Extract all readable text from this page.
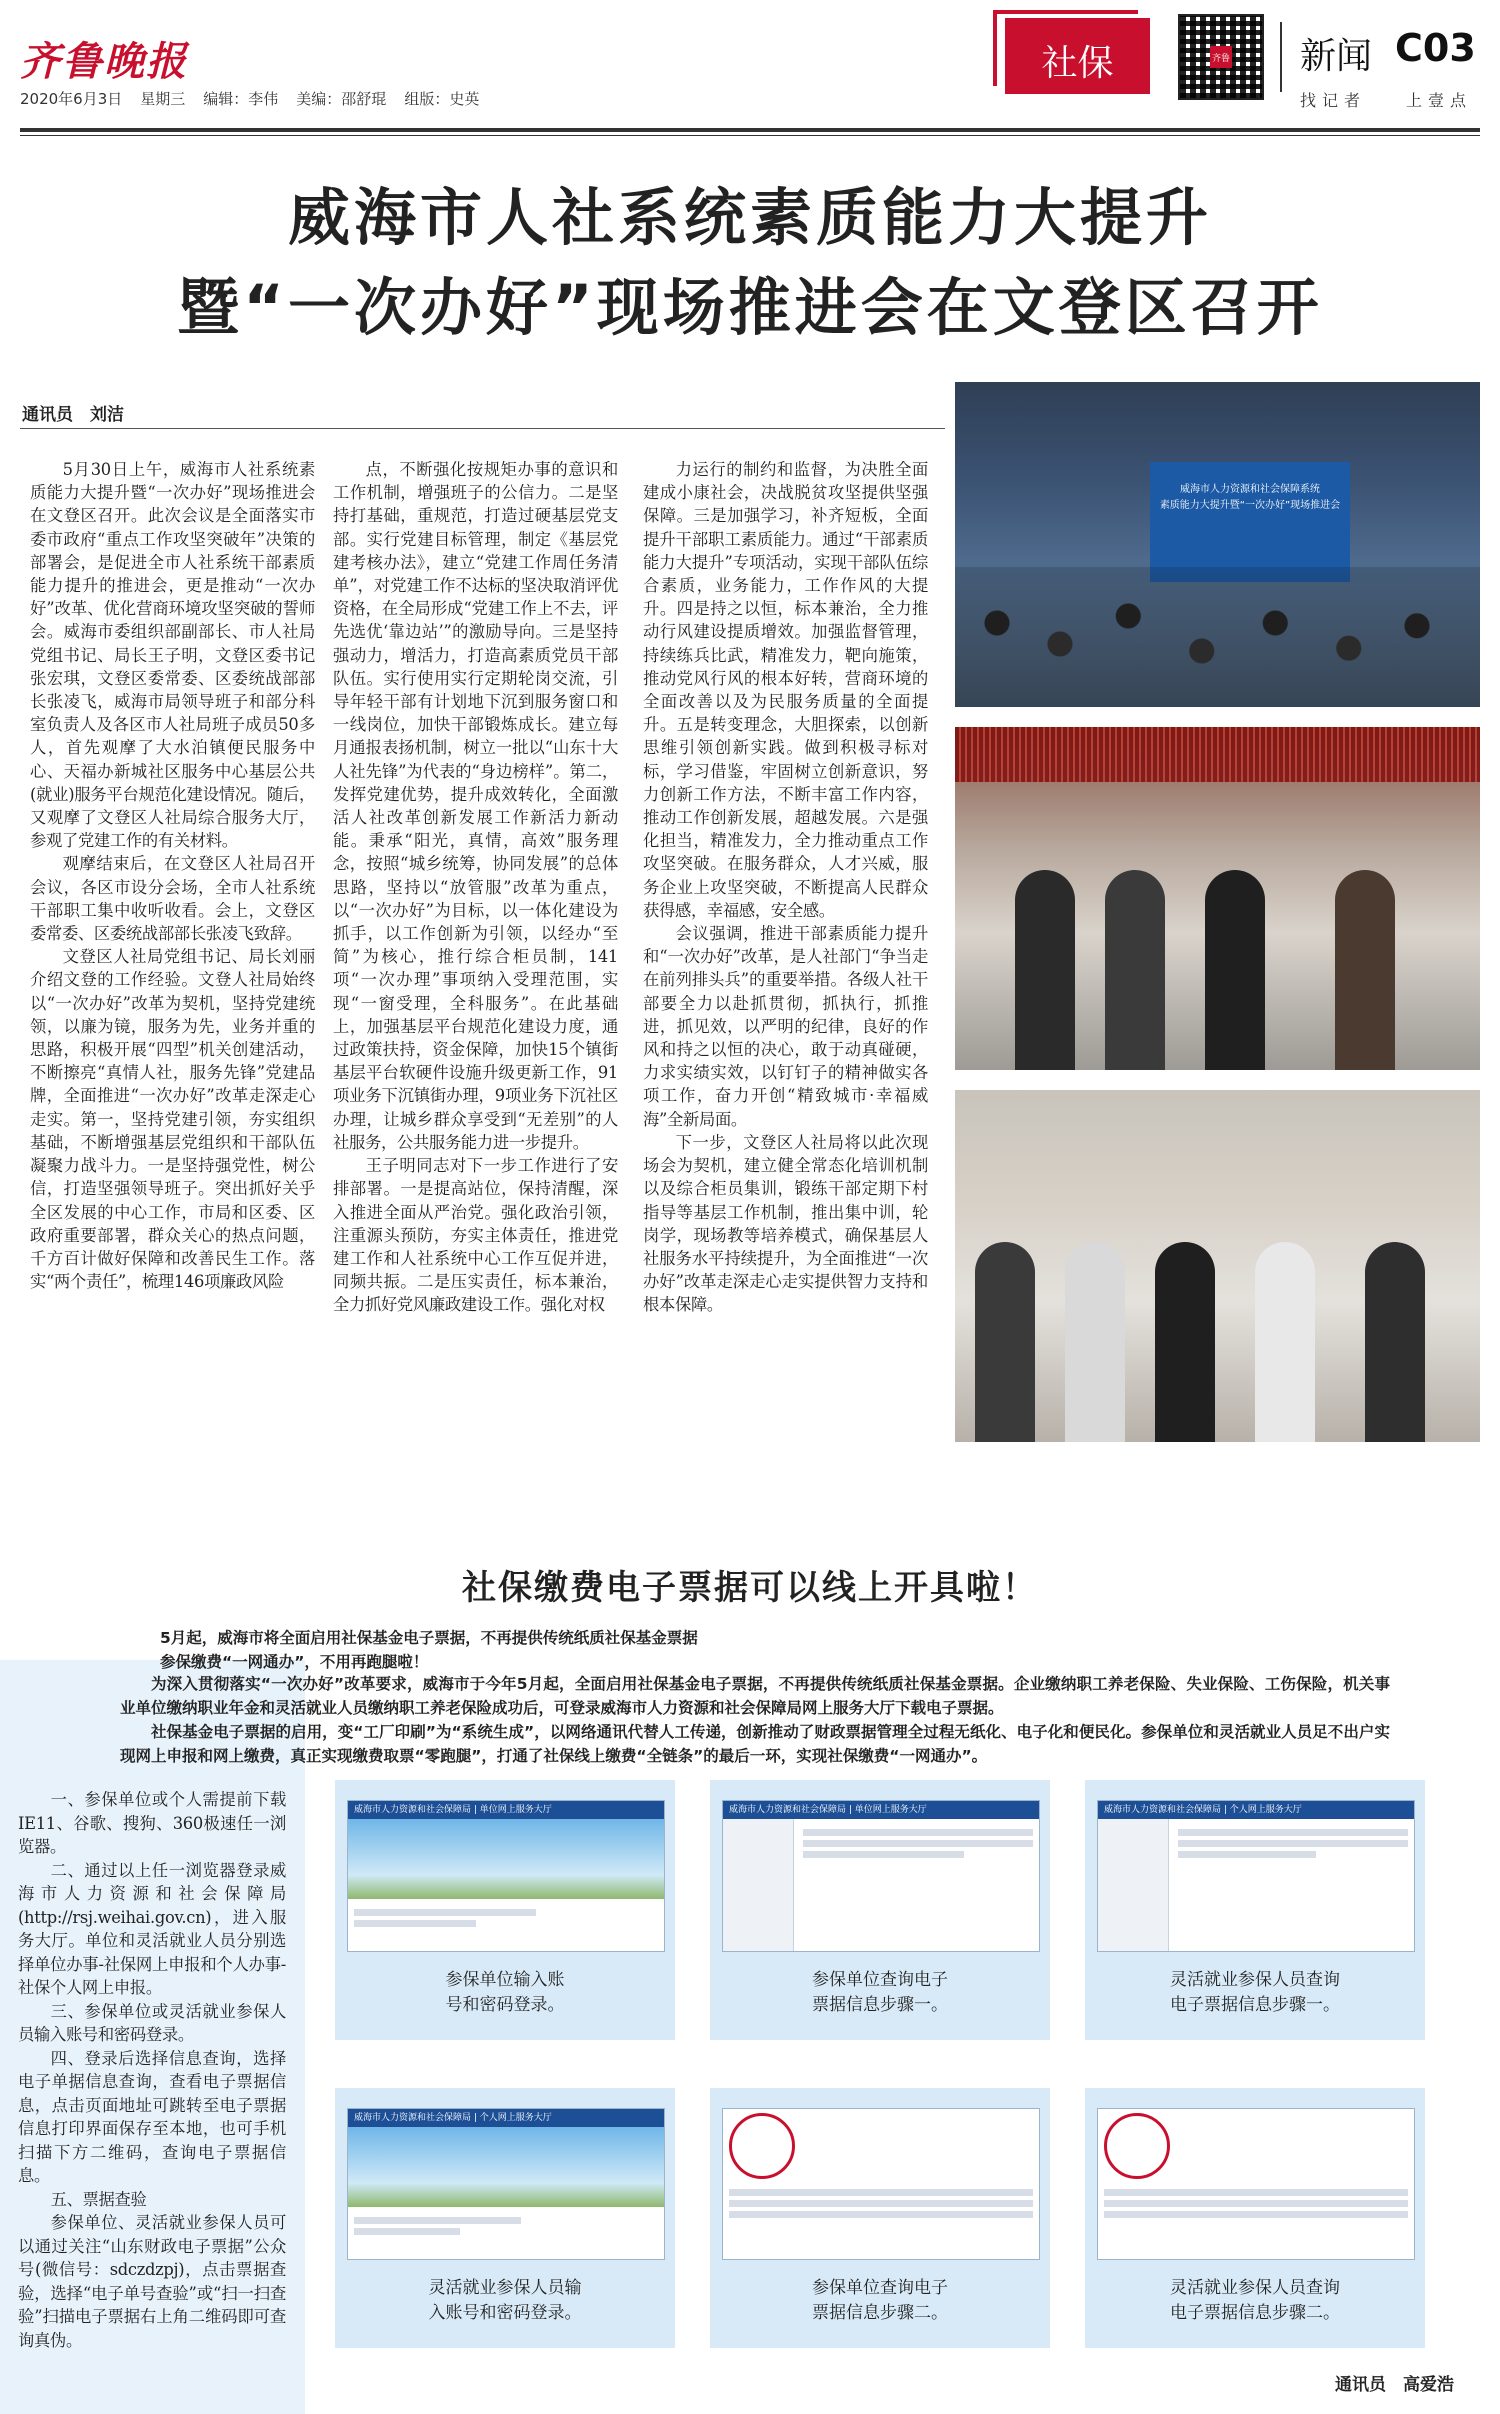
齐鲁晚报
2020年6月3日 星期三 编辑：李伟 美编：邵舒琨 组版：史英
社保	齐鲁 新闻 C03
找记者	上壹点
威海市人社系统素质能力大提升
暨“一次办好”现场推进会在文登区召开
通讯员　刘洁

5月30日上午，威海市人社系统素质能力大提升暨“一次办好”现场推进会在文登区召开。此次会议是全面落实市委市政府“重点工作攻坚突破年”决策的部署会，是促进全市人社系统干部素质能力提升的推进会，更是推动“一次办好”改革、优化营商环境攻坚突破的誓师会。威海市委组织部副部长、市人社局党组书记、局长王子明，文登区委书记张宏琪，文登区委常委、区委统战部部长张凌飞，威海市局领导班子和部分科室负责人及各区市人社局班子成员50多人，首先观摩了大水泊镇便民服务中心、天福办新城社区服务中心基层公共(就业)服务平台规范化建设情况。随后，又观摩了文登区人社局综合服务大厅，参观了党建工作的有关材料。

观摩结束后，在文登区人社局召开会议，各区市设分会场，全市人社系统干部职工集中收听收看。会上，文登区委常委、区委统战部部长张凌飞致辞。

文登区人社局党组书记、局长刘丽介绍文登的工作经验。文登人社局始终以“一次办好”改革为契机，坚持党建统领，以廉为镜，服务为先，业务并重的思路，积极开展“四型”机关创建活动，不断擦亮“真情人社，服务先锋”党建品牌，全面推进“一次办好”改革走深走心走实。第一，坚持党建引领，夯实组织基础，不断增强基层党组织和干部队伍凝聚力战斗力。一是坚持强党性，树公信，打造坚强领导班子。突出抓好关乎全区发展的中心工作，市局和区委、区政府重要部署，群众关心的热点问题，千方百计做好保障和改善民生工作。落实“两个责任”，梳理146项廉政风险

点，不断强化按规矩办事的意识和工作机制，增强班子的公信力。二是坚持打基础，重规范，打造过硬基层党支部。实行党建目标管理，制定《基层党建考核办法》，建立“党建工作周任务清单”，对党建工作不达标的坚决取消评优资格，在全局形成“党建工作上不去，评先选优‘靠边站’”的激励导向。三是坚持强动力，增活力，打造高素质党员干部队伍。实行使用实行定期轮岗交流，引导年轻干部有计划地下沉到服务窗口和一线岗位，加快干部锻炼成长。建立每月通报表扬机制，树立一批以“山东十大人社先锋”为代表的“身边榜样”。第二，发挥党建优势，提升成效转化，全面激活人社改革创新发展工作新活力新动能。秉承“阳光，真情，高效”服务理念，按照“城乡统筹，协同发展”的总体思路，坚持以“放管服”改革为重点，以“一次办好”为目标，以一体化建设为抓手，以工作创新为引领，以经办“至简”为核心，推行综合柜员制，141项“一次办理”事项纳入受理范围，实现“一窗受理，全科服务”。在此基础上，加强基层平台规范化建设力度，通过政策扶持，资金保障，加快15个镇街基层平台软硬件设施升级更新工作，91项业务下沉镇街办理，9项业务下沉社区办理，让城乡群众享受到“无差别”的人社服务，公共服务能力进一步提升。

王子明同志对下一步工作进行了安排部署。一是提高站位，保持清醒，深入推进全面从严治党。强化政治引领，注重源头预防，夯实主体责任，推进党建工作和人社系统中心工作互促并进，同频共振。二是压实责任，标本兼治，全力抓好党风廉政建设工作。强化对权

力运行的制约和监督，为决胜全面建成小康社会，决战脱贫攻坚提供坚强保障。三是加强学习，补齐短板，全面提升干部职工素质能力。通过“干部素质能力大提升”专项活动，实现干部队伍综合素质，业务能力，工作作风的大提升。四是持之以恒，标本兼治，全力推动行风建设提质增效。加强监督管理，持续练兵比武，精准发力，靶向施策，推动党风行风的根本好转，营商环境的全面改善以及为民服务质量的全面提升。五是转变理念，大胆探索，以创新思维引领创新实践。做到积极寻标对标，学习借鉴，牢固树立创新意识，努力创新工作方法，不断丰富工作内容，推动工作创新发展，超越发展。六是强化担当，精准发力，全力推动重点工作攻坚突破。在服务群众，人才兴威，服务企业上攻坚突破，不断提高人民群众获得感，幸福感，安全感。

会议强调，推进干部素质能力提升和“一次办好”改革，是人社部门“争当走在前列排头兵”的重要举措。各级人社干部要全力以赴抓贯彻，抓执行，抓推进，抓见效，以严明的纪律，良好的作风和持之以恒的决心，敢于动真碰硬，力求实绩实效，以钉钉子的精神做实各项工作，奋力开创“精致城市·幸福威海”全新局面。

下一步，文登区人社局将以此次现场会为契机，建立健全常态化培训机制以及综合柜员集训，锻练干部定期下村指导等基层工作机制，推出集中训，轮岗学，现场教等培养模式，确保基层人社服务水平持续提升，为全面推进“一次办好”改革走深走心走实提供智力支持和根本保障。

威海市人力资源和社会保障系统
素质能力大提升暨“一次办好”现场推进会
社保缴费电子票据可以线上开具啦！
5月起，威海市将全面启用社保基金电子票据，不再提供传统纸质社保基金票据
参保缴费“一网通办”，不用再跑腿啦！

为深入贯彻落实“一次办好”改革要求，威海市于今年5月起，全面启用社保基金电子票据，不再提供传统纸质社保基金票据。企业缴纳职工养老保险、失业保险、工伤保险，机关事业单位缴纳职业年金和灵活就业人员缴纳职工养老保险成功后，可登录威海市人力资源和社会保障局网上服务大厅下载电子票据。

社保基金电子票据的启用，变“工厂印刷”为“系统生成”，以网络通讯代替人工传递，创新推动了财政票据管理全过程无纸化、电子化和便民化。参保单位和灵活就业人员足不出户实现网上申报和网上缴费，真正实现缴费取票“零跑腿”，打通了社保线上缴费“全链条”的最后一环，实现社保缴费“一网通办”。

一、参保单位或个人需提前下载IE11、谷歌、搜狗、360极速任一浏览器。

二、通过以上任一浏览器登录威海市人力资源和社会保障局(http://rsj.weihai.gov.cn)，进入服务大厅。单位和灵活就业人员分别选择单位办事-社保网上申报和个人办事-社保个人网上申报。

三、参保单位或灵活就业参保人员输入账号和密码登录。

四、登录后选择信息查询，选择电子单据信息查询，查看电子票据信息，点击页面地址可跳转至电子票据信息打印界面保存至本地，也可手机扫描下方二维码，查询电子票据信息。

五、票据查验

参保单位、灵活就业参保人员可以通过关注“山东财政电子票据”公众号(微信号：sdczdzpj)，点击票据查验，选择“电子单号查验”或“扫一扫查验”扫描电子票据右上角二维码即可查询真伪。

威海市人力资源和社会保障局 | 单位网上服务大厅
参保单位输入账
号和密码登录。
威海市人力资源和社会保障局 | 单位网上服务大厅
参保单位查询电子
票据信息步骤一。
威海市人力资源和社会保障局 | 个人网上服务大厅
灵活就业参保人员查询
电子票据信息步骤一。
威海市人力资源和社会保障局 | 个人网上服务大厅
灵活就业参保人员输
入账号和密码登录。
参保单位查询电子
票据信息步骤二。
灵活就业参保人员查询
电子票据信息步骤二。
通讯员　高爱浩
